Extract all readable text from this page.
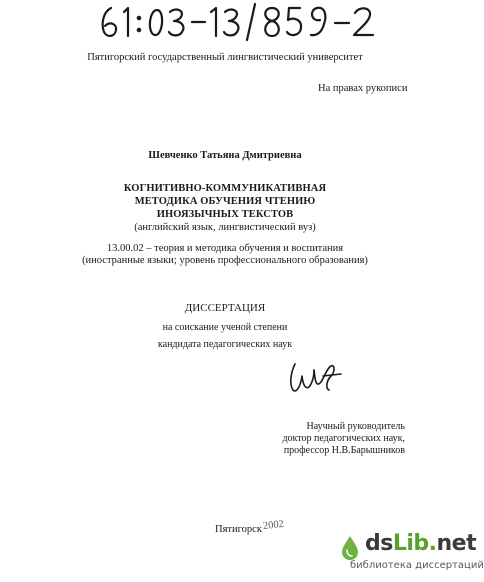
Пятигорский государственный лингвистический университет
На правах рукописи
Шевченко Татьяна Дмитриевна
КОГНИТИВНО-КОММУНИКАТИВНАЯ
МЕТОДИКА ОБУЧЕНИЯ ЧТЕНИЮ
ИНОЯЗЫЧНЫХ ТЕКСТОВ
(английский язык, лингвистический вуз)
13.00.02 – теория и методика обучения и воспитания
(иностранные языки; уровень профессионального образования)
ДИССЕРТАЦИЯ
на соискание ученой степени
кандидата педагогических наук
Научный руководитель
доктор педагогических наук,
профессор Н.В.Барышников
Пятигорск 2002
dsLib.net
библиотека диссертаций
